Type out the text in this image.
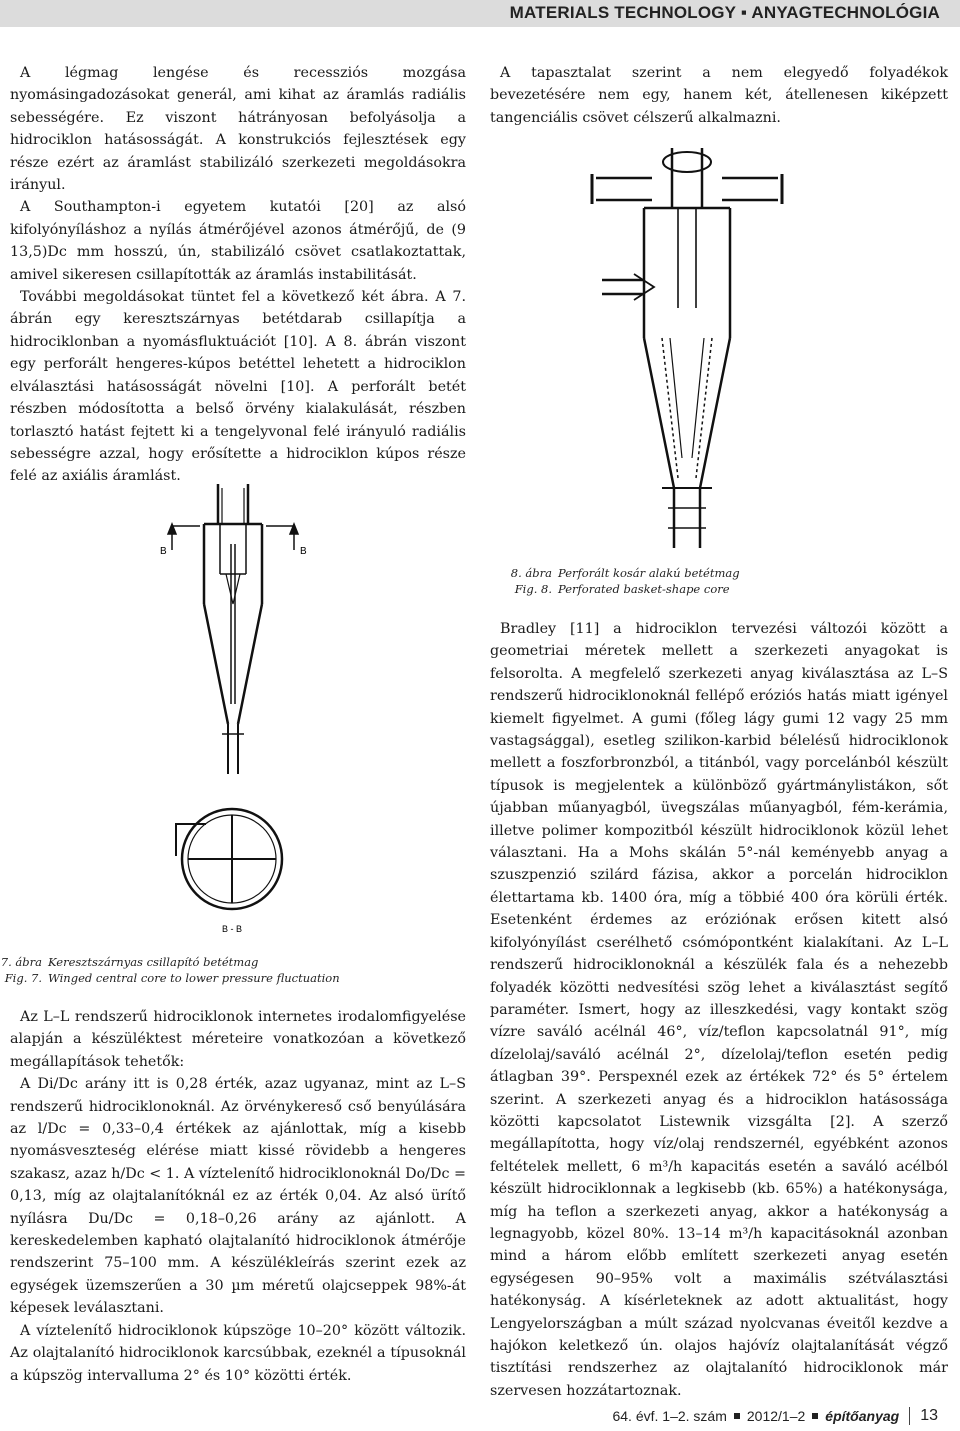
MATERIALS TECHNOLOGY ▪ ANYAGTECHNOLÓGIA

A légmag lengése és recessziós mozgása nyomásingadozásokat generál, ami kihat az áramlás radiális sebességére. Ez viszont hátrányosan befolyásolja a hidrociklon hatásosságát. A konstrukciós fejlesztések egy része ezért az áramlást stabilizáló szerkezeti megoldásokra irányul.

A Southampton-i egyetem kutatói [20] az alsó kifolyónyíláshoz a nyílás átmérőjével azonos átmérőjű, de (9 13,5)Dc mm hosszú, ún, stabilizáló csövet csatlakoztattak, amivel sikeresen csillapították az áramlás instabilitását.

További megoldásokat tüntet fel a következő két ábra. A 7. ábrán egy keresztszárnyas betétdarab csillapítja a hidrociklonban a nyomásfluktuációt [10]. A 8. ábrán viszont egy perforált hengeres-kúpos betéttel lehetett a hidrociklon elválasztási hatásosságát növelni [10]. A perforált betét részben módosította a belső örvény kialakulását, részben torlasztó hatást fejtett ki a tengelyvonal felé irányuló radiális sebességre azzal, hogy erősítette a hidrociklon kúpos része felé az axiális áramlást.

B	B
B - B
7. ábra Keresztszárnyas csillapító betétmag
Fig. 7. Winged central core to lower pressure fluctuation

Az L–L rendszerű hidrociklonok internetes irodalomfigyelése alapján a készüléktest méreteire vonatkozóan a következő megállapítások tehetők:

A Di/Dc arány itt is 0,28 érték, azaz ugyanaz, mint az L–S rendszerű hidrociklonoknál. Az örvénykereső cső benyúlására az l/Dc = 0,33–0,4 értékek az ajánlottak, míg a kisebb nyomásveszteség elérése miatt kissé rövidebb a hengeres szakasz, azaz h/Dc < 1. A víztelenítő hidrociklonoknál Do/Dc = 0,13, míg az olajtalanítóknál ez az érték 0,04. Az alsó ürítő nyílásra Du/Dc = 0,18–0,26 arány az ajánlott. A kereskedelemben kapható olajtalanító hidrociklonok átmérője rendszerint 75–100 mm. A készülékleírás szerint ezek az egységek üzemszerűen a 30 µm méretű olajcseppek 98%-át képesek leválasztani.

A víztelenítő hidrociklonok kúpszöge 10–20° között változik. Az olajtalanító hidrociklonok karcsúbbak, ezeknél a típusoknál a kúpszög intervalluma 2° és 10° közötti érték.

A tapasztalat szerint a nem elegyedő folyadékok bevezetésére nem egy, hanem két, átellenesen kiképzett tangenciális csövet célszerű alkalmazni.

8. ábra Perforált kosár alakú betétmag
Fig. 8. Perforated basket-shape core

Bradley [11] a hidrociklon tervezési változói között a geometriai méretek mellett a szerkezeti anyagokat is felsorolta. A megfelelő szerkezeti anyag kiválasztása az L–S rendszerű hidrociklonoknál fellépő eróziós hatás miatt igényel kiemelt figyelmet. A gumi (főleg lágy gumi 12 vagy 25 mm vastagsággal), esetleg szilikon-karbid bélelésű hidrociklonok mellett a foszforbronzból, a titánból, vagy porcelánból készült típusok is megjelentek a különböző gyártmánylistákon, sőt újabban műanyagból, üvegszálas műanyagból, fém-kerámia, illetve polimer kompozitból készült hidrociklonok közül lehet választani. Ha a Mohs skálán 5°-nál keményebb anyag a szuszpenzió szilárd fázisa, akkor a porcelán hidrociklon élettartama kb. 1400 óra, míg a többié 400 óra körüli érték. Esetenként érdemes az eróziónak erősen kitett alsó kifolyónyílást cserélhető csómópontként kialakítani. Az L–L rendszerű hidrociklonoknál a készülék fala és a nehezebb folyadék közötti nedvesítési szög lehet a kiválasztást segítő paraméter. Ismert, hogy az illeszkedési, vagy kontakt szög vízre saváló acélnál 46°, víz/teflon kapcsolatnál 91°, míg dízelolaj/saváló acélnál 2°, dízelolaj/teflon esetén pedig átlagban 39°. Perspexnél ezek az értékek 72° és 5° értelem szerint. A szerkezeti anyag és a hidrociklon hatásossága közötti kapcsolatot Listewnik vizsgálta [2]. A szerző megállapította, hogy víz/olaj rendszernél, egyébként azonos feltételek mellett, 6 m³/h kapacitás esetén a saváló acélból készült hidrociklonnak a legkisebb (kb. 65%) a hatékonysága, míg ha teflon a szerkezeti anyag, akkor a hatékonyság a legnagyobb, közel 80%. 13–14 m³/h kapacitásoknál azonban mind a három előbb említett szerkezeti anyag esetén egységesen 90–95% volt a maximális szétválasztási hatékonyság. A kísérleteknek az adott aktualitást, hogy Lengyelországban a múlt század nyolcvanas éveitől kezdve a hajókon keletkező ún. olajos hajóvíz olajtalanítását végző tisztítási rendszerhez az olajtalanító hidrociklonok már szervesen hozzátartoznak.

64. évf. 1–2. szám 2012/1–2 építőanyag 13
